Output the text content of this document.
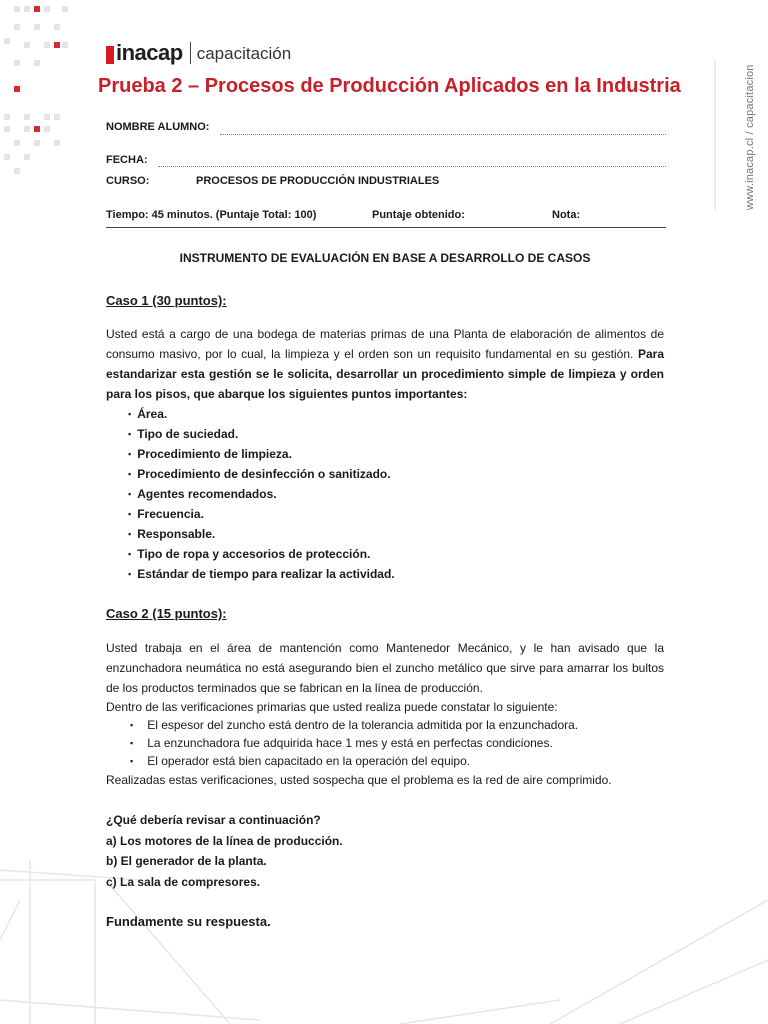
inacap capacitación
www.inacap.cl / capacitacion
Prueba 2 – Procesos de Producción Aplicados en la Industria
NOMBRE ALUMNO:
FECHA:
CURSO:	PROCESOS DE PRODUCCIÓN INDUSTRIALES
Tiempo: 45 minutos. (Puntaje Total: 100)	Puntaje obtenido:	Nota:
INSTRUMENTO DE EVALUACIÓN EN BASE A DESARROLLO DE CASOS
Caso 1 (30 puntos):
Usted está a cargo de una bodega de materias primas de una Planta de elaboración de alimentos de consumo masivo, por lo cual, la limpieza y el orden son un requisito fundamental en su gestión. Para estandarizar esta gestión se le solicita, desarrollar un procedimiento simple de limpieza y orden para los pisos, que abarque los siguientes puntos importantes:
▪ Área.
▪ Tipo de suciedad.
▪ Procedimiento de limpieza.
▪ Procedimiento de desinfección o sanitizado.
▪ Agentes recomendados.
▪ Frecuencia.
▪ Responsable.
▪ Tipo de ropa y accesorios de protección.
▪ Estándar de tiempo para realizar la actividad.
Caso 2 (15 puntos):
Usted trabaja en el área de mantención como Mantenedor Mecánico, y le han avisado que la enzunchadora neumática no está asegurando bien el zuncho metálico que sirve para amarrar los bultos de los productos terminados que se fabrican en la línea de producción.
Dentro de las verificaciones primarias que usted realiza puede constatar lo siguiente:
▪ El espesor del zuncho está dentro de la tolerancia admitida por la enzunchadora.
▪ La enzunchadora fue adquirida hace 1 mes y está en perfectas condiciones.
▪ El operador está bien capacitado en la operación del equipo.
Realizadas estas verificaciones, usted sospecha que el problema es la red de aire comprimido.
¿Qué debería revisar a continuación?
a) Los motores de la línea de producción.
b) El generador de la planta.
c) La sala de compresores.
Fundamente su respuesta.
